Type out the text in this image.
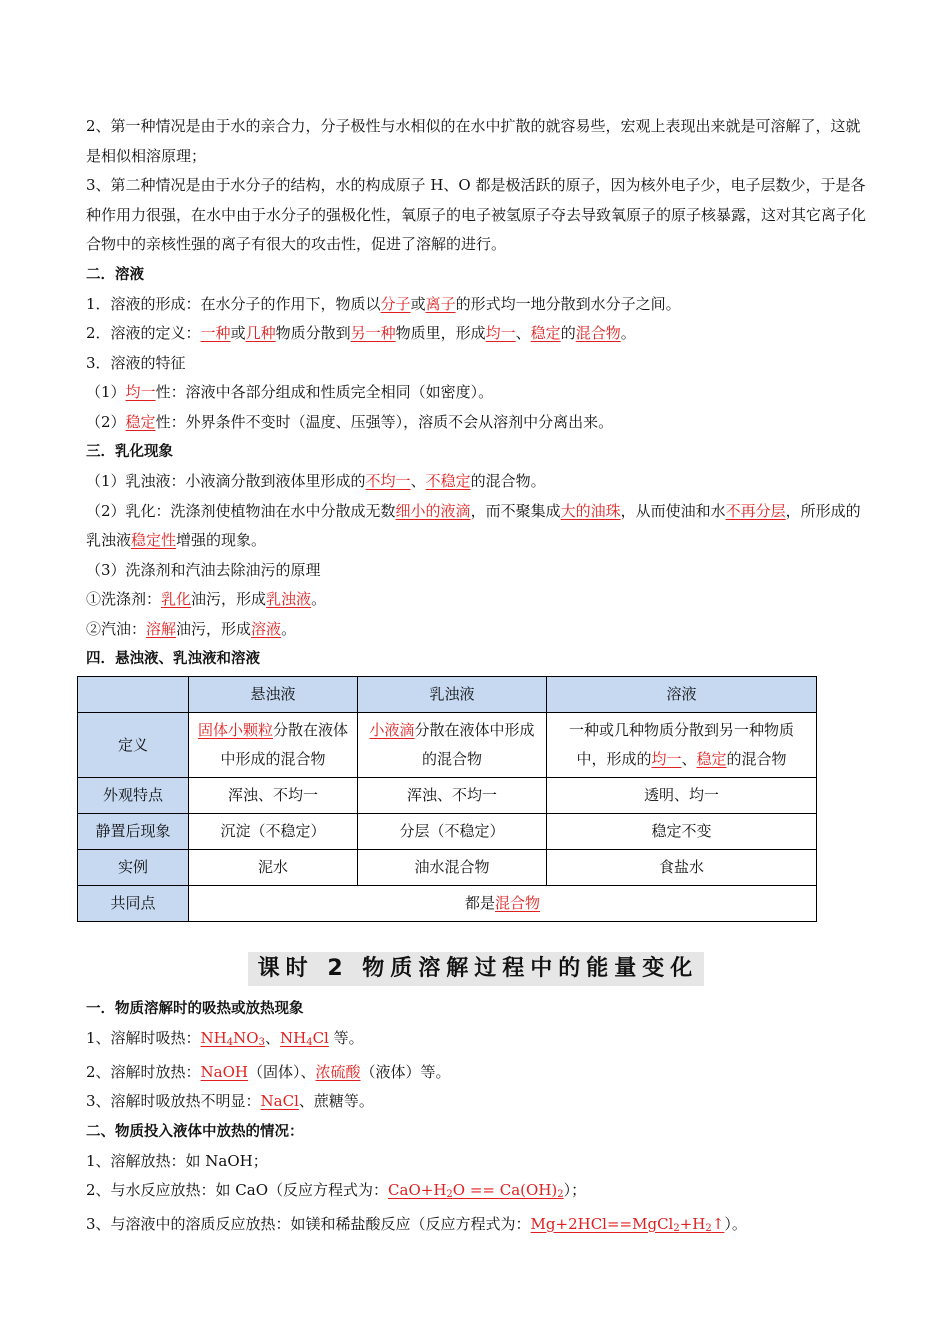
2、第一种情况是由于水的亲合力，分子极性与水相似的在水中扩散的就容易些，宏观上表现出来就是可溶解了，这就是相似相溶原理；

3、第二种情况是由于水分子的结构，水的构成原子 H、O 都是极活跃的原子，因为核外电子少，电子层数少，于是各种作用力很强，在水中由于水分子的强极化性，氧原子的电子被氢原子夺去导致氧原子的原子核暴露，这对其它离子化合物中的亲核性强的离子有很大的攻击性，促进了溶解的进行。

二．溶液

1．溶液的形成：在水分子的作用下，物质以分子或离子的形式均一地分散到水分子之间。

2．溶液的定义：一种或几种物质分散到另一种物质里，形成均一、稳定的混合物。

3．溶液的特征

（1）均一性：溶液中各部分组成和性质完全相同（如密度）。

（2）稳定性：外界条件不变时（温度、压强等），溶质不会从溶剂中分离出来。

三．乳化现象

（1）乳浊液：小液滴分散到液体里形成的不均一、不稳定的混合物。

（2）乳化：洗涤剂使植物油在水中分散成无数细小的液滴，而不聚集成大的油珠，从而使油和水不再分层，所形成的乳浊液稳定性增强的现象。

（3）洗涤剂和汽油去除油污的原理

①洗涤剂：乳化油污，形成乳浊液。

②汽油：溶解油污，形成溶液。

四．悬浊液、乳浊液和溶液

	悬浊液	乳浊液	溶液
定义	固体小颗粒分散在液体中形成的混合物	小液滴分散在液体中形成的混合物	一种或几种物质分散到另一种物质中，形成的均一、稳定的混合物
外观特点	浑浊、不均一	浑浊、不均一	透明、均一
静置后现象	沉淀（不稳定）	分层（不稳定）	稳定不变
实例	泥水	油水混合物	食盐水
共同点	都是混合物		
课时 2 物质溶解过程中的能量变化

一．物质溶解时的吸热或放热现象

1、溶解时吸热：$NH_4NO_3$、$NH_4Cl$ 等。

2、溶解时放热：NaOH（固体）、浓硫酸（液体）等。

3、溶解时吸放热不明显：NaCl、蔗糖等。

二、物质投入液体中放热的情况：

1、溶解放热：如 NaOH；

2、与水反应放热：如 CaO（反应方程式为：$CaO+H_2O == Ca(OH)_2$）；

3、与溶液中的溶质反应放热：如镁和稀盐酸反应（反应方程式为：$Mg+2HCl==MgCl_2+H_2↑$）。
